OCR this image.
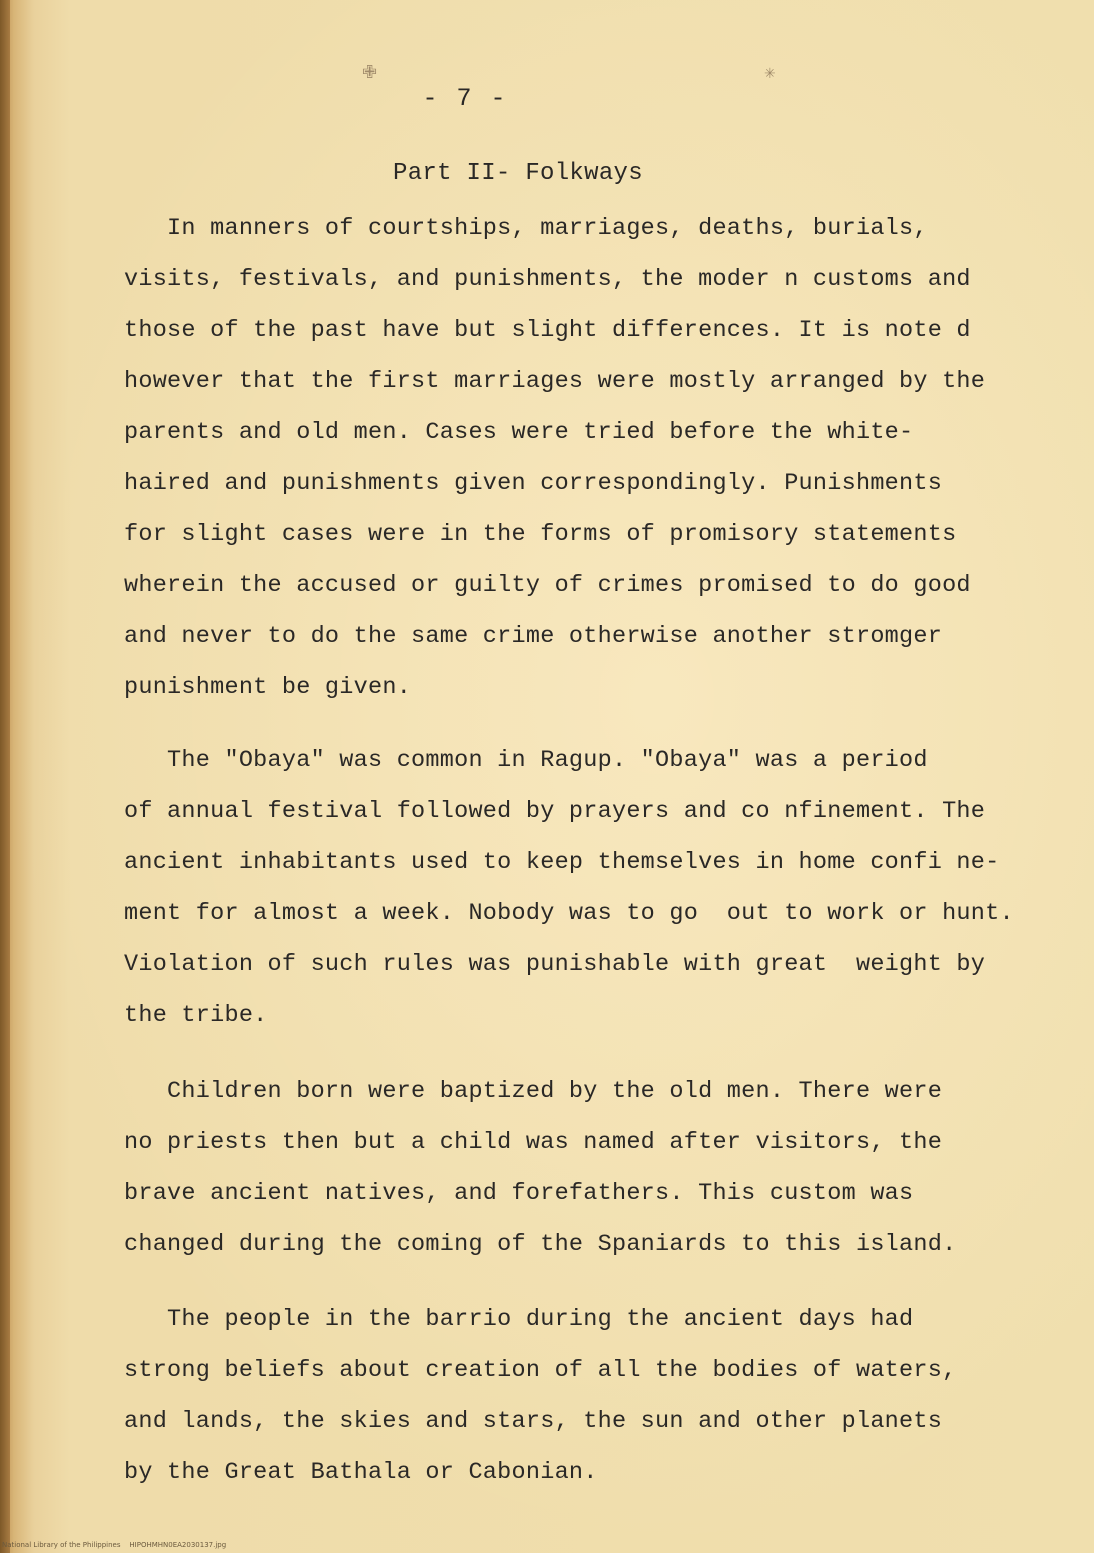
✙	✳
- 7 -
Part II- Folkways
In manners of courtships, marriages, deaths, burials,
visits, festivals, and punishments, the moder n customs and
those of the past have but slight differences. It is note d
however that the first marriages were mostly arranged by the
parents and old men. Cases were tried before the white-
haired and punishments given correspondingly. Punishments
for slight cases were in the forms of promisory statements
wherein the accused or guilty of crimes promised to do good
and never to do the same crime otherwise another stromger
punishment be given.
The "Obaya" was common in Ragup. "Obaya" was a period
of annual festival followed by prayers and co nfinement. The
ancient inhabitants used to keep themselves in home confi ne-
ment for almost a week. Nobody was to go  out to work or hunt.
Violation of such rules was punishable with great  weight by
the tribe.
Children born were baptized by the old men. There were
no priests then but a child was named after visitors, the
brave ancient natives, and forefathers. This custom was
changed during the coming of the Spaniards to this island.
The people in the barrio during the ancient days had
strong beliefs about creation of all the bodies of waters,
and lands, the skies and stars, the sun and other planets
by the Great Bathala or Cabonian.
National Library of the Philippines    HIPOHMHN0EA2030137.jpg
